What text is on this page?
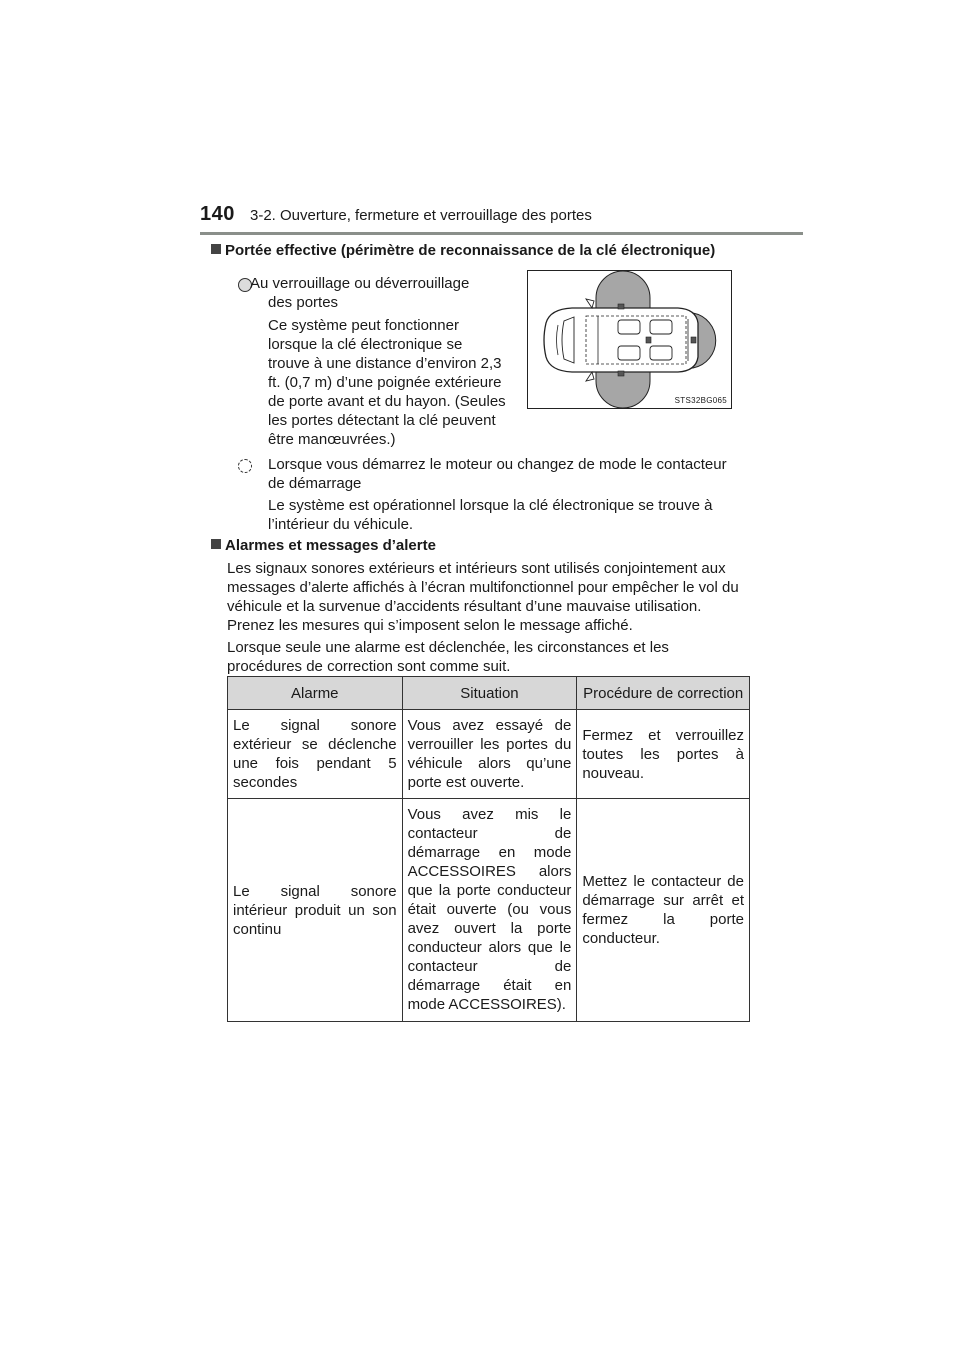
140 3-2. Ouverture, fermeture et verrouillage des portes
Portée effective (périmètre de reconnaissance de la clé électronique)
Au verrouillage ou déverrouillage
des portes
Ce système peut fonctionner
lorsque la clé électronique se
trouve à une distance d’environ 2,3
ft. (0,7 m) d’une poignée extérieure
de porte avant et du hayon. (Seules
les portes détectant la clé peuvent
être manœuvrées.)
STS32BG065
Lorsque vous démarrez le moteur ou changez de mode le contacteur
de démarrage
Le système est opérationnel lorsque la clé électronique se trouve à
l’intérieur du véhicule.
Alarmes et messages d’alerte
Les signaux sonores extérieurs et intérieurs sont utilisés conjointement aux
messages d’alerte affichés à l’écran multifonctionnel pour empêcher le vol du
véhicule et la survenue d’accidents résultant d’une mauvaise utilisation.
Prenez les mesures qui s’imposent selon le message affiché.
Lorsque seule une alarme est déclenchée, les circonstances et les
procédures de correction sont comme suit.
Alarme	Situation	Procédure de correction
Le signal sonore extérieur se déclenche une fois pendant 5 secondes	Vous avez essayé de verrouiller les portes du véhicule alors qu’une porte est ouverte.	Fermez et verrouillez toutes les portes à nouveau.
Le signal sonore intérieur produit un son continu	Vous avez mis le contacteur de démarrage en mode ACCESSOIRES alors que la porte conducteur était ouverte (ou vous avez ouvert la porte conducteur alors que le contacteur de démarrage était en mode ACCESSOIRES).	Mettez le contacteur de démarrage sur arrêt et fermez la porte conducteur.
